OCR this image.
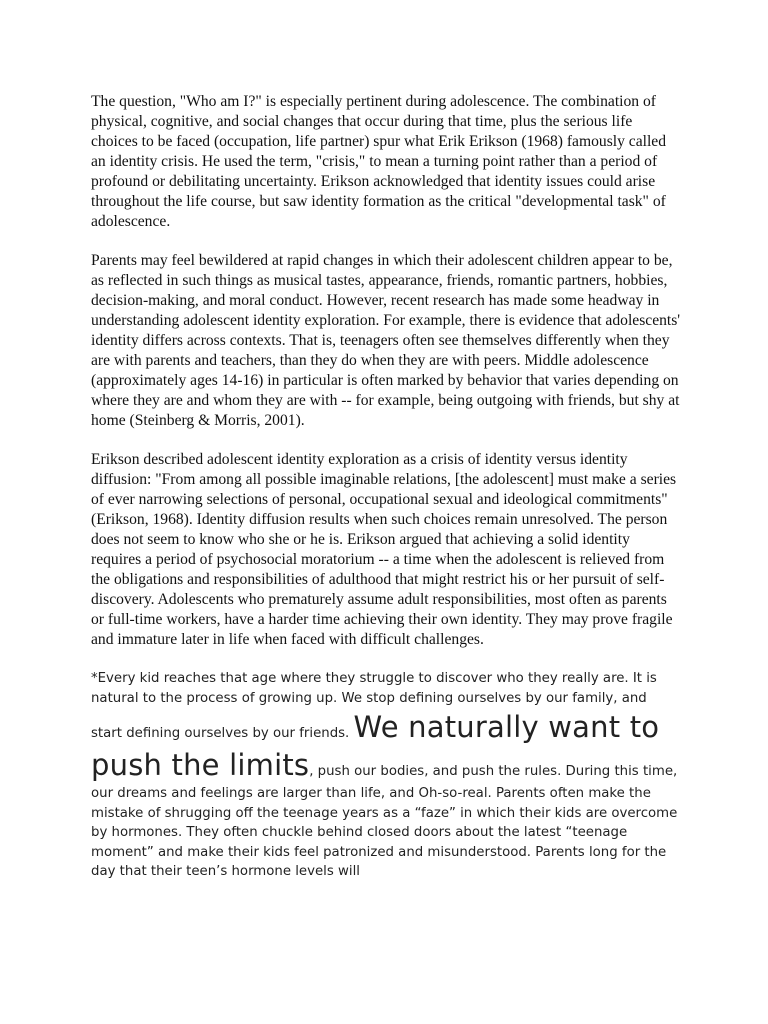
The question, "Who am I?" is especially pertinent during adolescence. The combination of physical, cognitive, and social changes that occur during that time, plus the serious life choices to be faced (occupation, life partner) spur what Erik Erikson (1968) famously called an identity crisis. He used the term, "crisis," to mean a turning point rather than a period of profound or debilitating uncertainty. Erikson acknowledged that identity issues could arise throughout the life course, but saw identity formation as the critical "developmental task" of adolescence.

Parents may feel bewildered at rapid changes in which their adolescent children appear to be, as reflected in such things as musical tastes, appearance, friends, romantic partners, hobbies, decision-making, and moral conduct. However, recent research has made some headway in understanding adolescent identity exploration. For example, there is evidence that adolescents' identity differs across contexts. That is, teenagers often see themselves differently when they are with parents and teachers, than they do when they are with peers. Middle adolescence (approximately ages 14-16) in particular is often marked by behavior that varies depending on where they are and whom they are with -- for example, being outgoing with friends, but shy at home (Steinberg & Morris, 2001).

Erikson described adolescent identity exploration as a crisis of identity versus identity diffusion: "From among all possible imaginable relations, [the adolescent] must make a series of ever narrowing selections of personal, occupational sexual and ideological commitments" (Erikson, 1968). Identity diffusion results when such choices remain unresolved. The person does not seem to know who she or he is. Erikson argued that achieving a solid identity requires a period of psychosocial moratorium -- a time when the adolescent is relieved from the obligations and responsibilities of adulthood that might restrict his or her pursuit of self-discovery. Adolescents who prematurely assume adult responsibilities, most often as parents or full-time workers, have a harder time achieving their own identity. They may prove fragile and immature later in life when faced with difficult challenges.

*Every kid reaches that age where they struggle to discover who they really are. It is natural to the process of growing up. We stop defining ourselves by our family, and start defining ourselves by our friends. We naturally want to push the limits, push our bodies, and push the rules. During this time, our dreams and feelings are larger than life, and Oh-so-real. Parents often make the mistake of shrugging off the teenage years as a “faze” in which their kids are overcome by hormones. They often chuckle behind closed doors about the latest “teenage moment” and make their kids feel patronized and misunderstood. Parents long for the day that their teen’s hormone levels will
